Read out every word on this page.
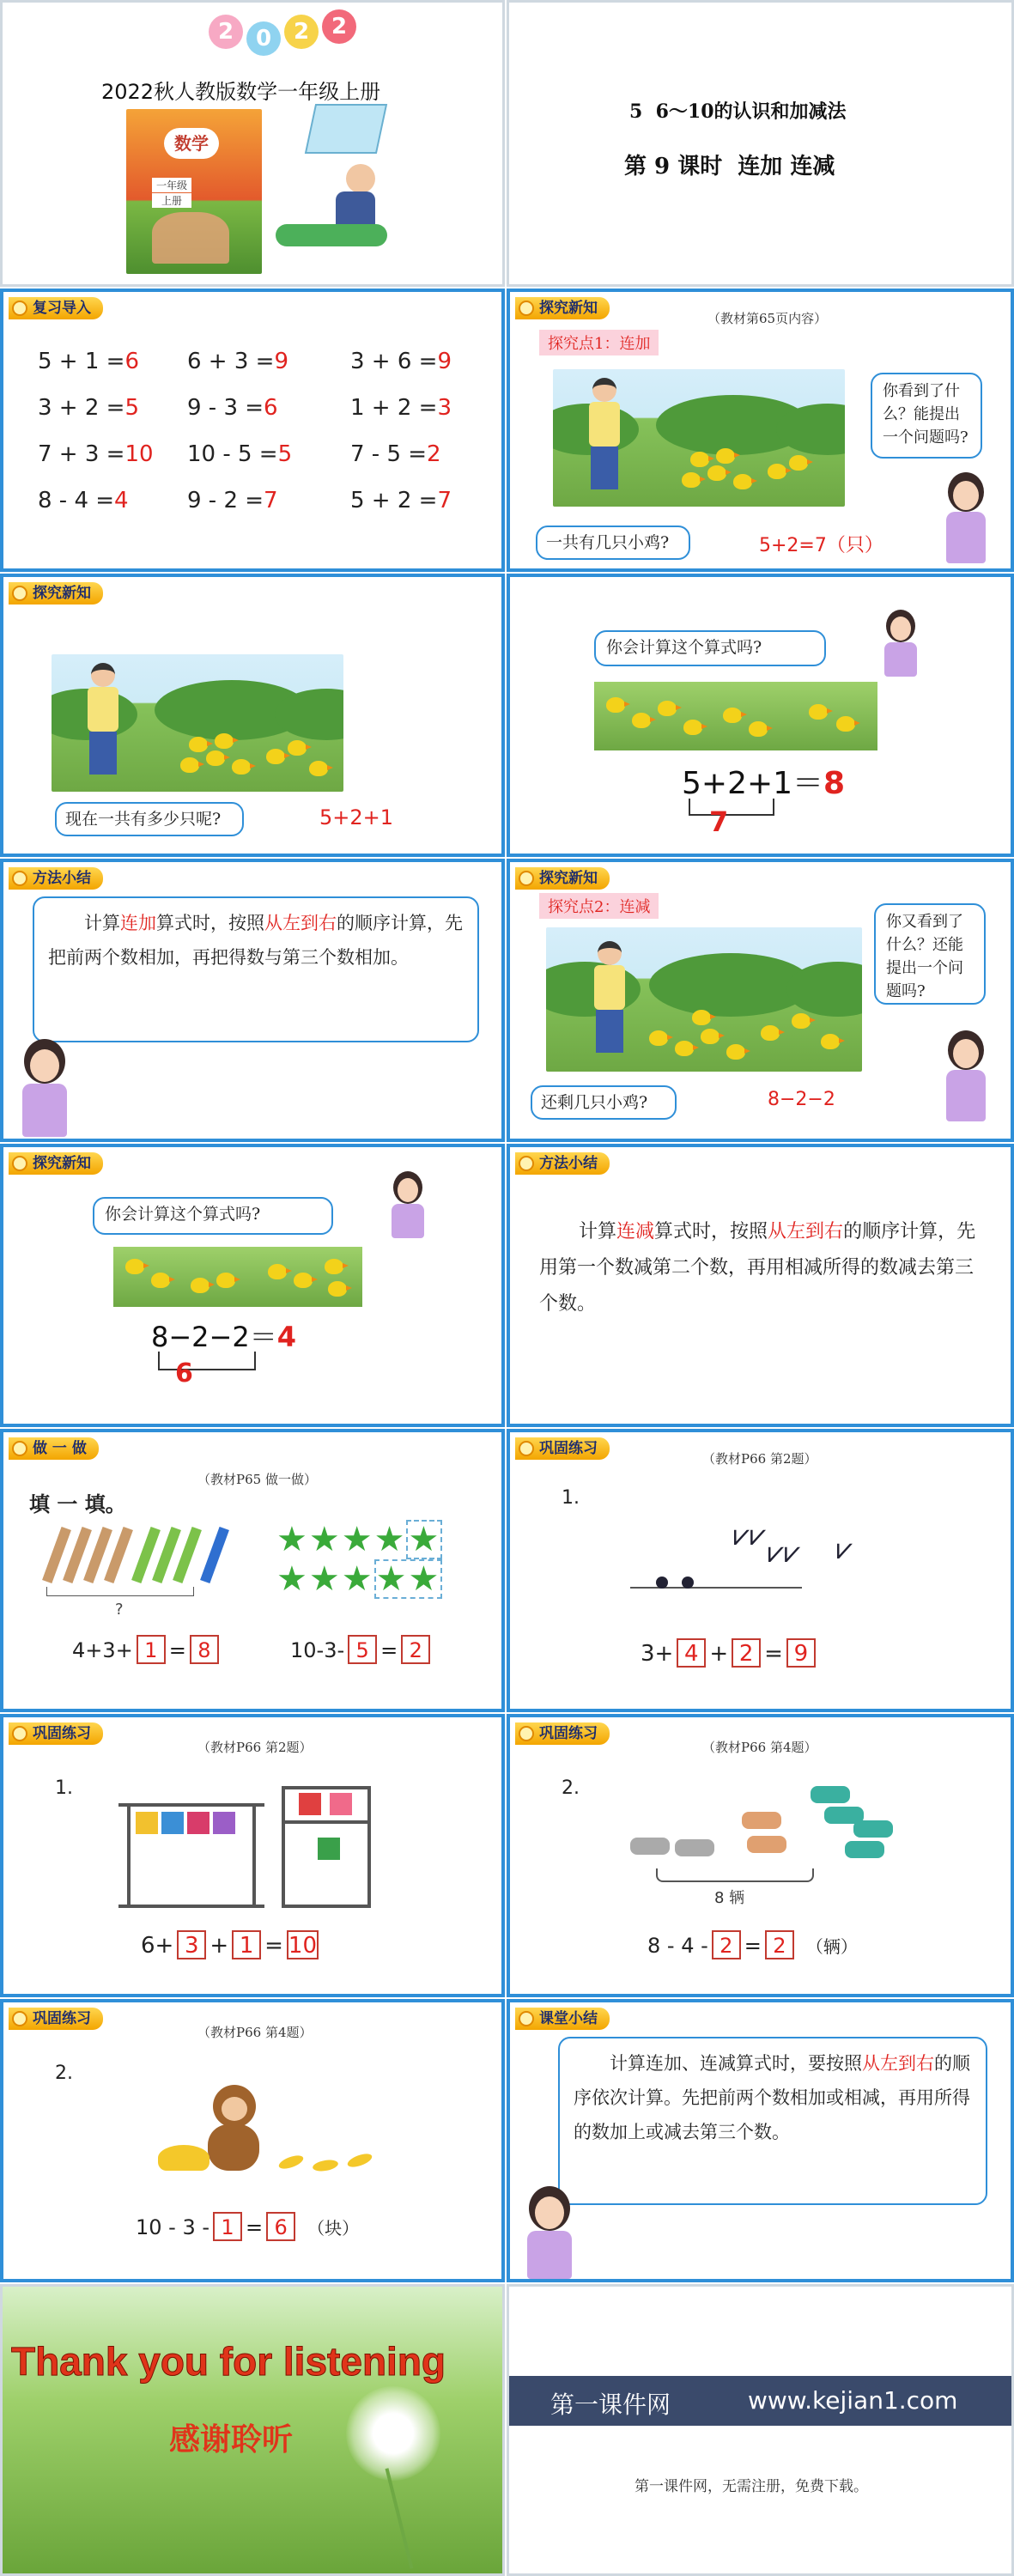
2 0 2 2
2022秋人教版数学一年级上册
数学
一年级
上册
5  6～10的认识和加减法
第 9 课时  连加 连减
复习导入
5 + 1 =6 6 + 3 =9	3 + 6 =9
3 + 2 =5 9 - 3 =6	1 + 2 =3
7 + 3 =10 10 - 5 =5	7 - 5 =2
8 - 4 =4	9 - 2 =7	5 + 2 =7
探究新知
（教材第65页内容）
探究点1：连加
你看到了什么？能提出一个问题吗?
一共有几只小鸡?	5+2=7（只）
探究新知
现在一共有多少只呢?	5+2+1
你会计算这个算式吗?
5+2+1＝8
7
方法小结
计算连加算式时，按照从左到右的顺序计算，先把前两个数相加，再把得数与第三个数相加。
探究新知
探究点2：连减
你又看到了什么？还能提出一个问题吗?
还剩几只小鸡?	8−2−2
探究新知
你会计算这个算式吗?
8−2−2＝4
6
方法小结
计算连减算式时，按照从左到右的顺序计算，先用第一个数减第二个数，再用相减所得的数减去第三个数。
做 一 做
（教材P65 做一做）
填 一 填。
?
★★★★★
★★★★★
4+3+ 1 = 8	10-3- 5 = 2
巩固练习
（教材P66 第2题）
1.
⩗⩗ ⩗⩗ ⩗
3+ 4 + 2 = 9
巩固练习
（教材P66 第2题）
1.
6+ 3 + 1 = 10
巩固练习
（教材P66 第4题）
2.
8 辆
8 - 4 - 2 = 2 （辆）
巩固练习
（教材P66 第4题）
2.
10 - 3 - 1 = 6 （块）
课堂小结
计算连加、连减算式时，要按照从左到右的顺序依次计算。先把前两个数相加或相减，再用所得的数加上或减去第三个数。
Thank you for listening
感谢聆听
第一课件网	www.kejian1.com
第一课件网，无需注册，免费下载。
